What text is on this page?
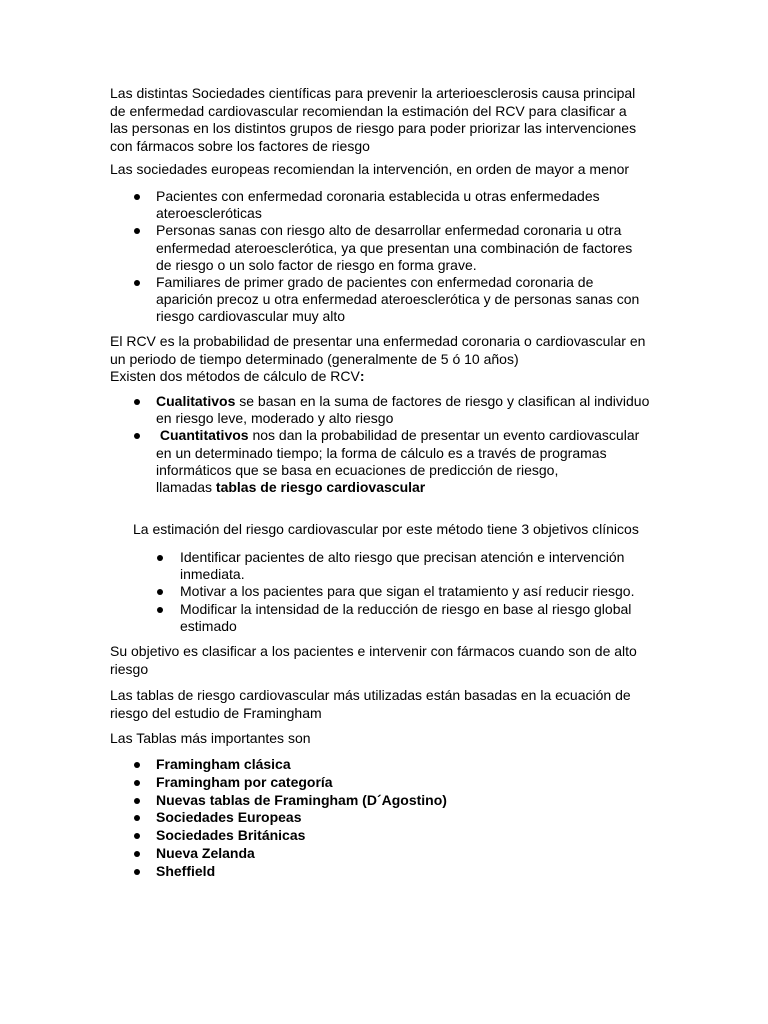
Las distintas Sociedades científicas para prevenir la arterioesclerosis causa principal
de enfermedad cardiovascular recomiendan la estimación del RCV para clasificar a
las personas en los distintos grupos de riesgo para poder priorizar las intervenciones
con fármacos sobre los factores de riesgo

Las sociedades europeas recomiendan la intervención, en orden de mayor a menor

Pacientes con enfermedad coronaria establecida u otras enfermedades
ateroescleróticas
Personas sanas con riesgo alto de desarrollar enfermedad coronaria u otra
enfermedad ateroesclerótica, ya que presentan una combinación de factores
de riesgo o un solo factor de riesgo en forma grave.
Familiares de primer grado de pacientes con enfermedad coronaria de
aparición precoz u otra enfermedad ateroesclerótica y de personas sanas con
riesgo cardiovascular muy alto

El RCV es la probabilidad de presentar una enfermedad coronaria o cardiovascular en
un periodo de tiempo determinado (generalmente de 5 ó 10 años)
Existen dos métodos de cálculo de RCV:

Cualitativos se basan en la suma de factores de riesgo y clasifican al individuo
en riesgo leve, moderado y alto riesgo
Cuantitativos nos dan la probabilidad de presentar un evento cardiovascular
en un determinado tiempo; la forma de cálculo es a través de programas
informáticos que se basa en ecuaciones de predicción de riesgo,
llamadas tablas de riesgo cardiovascular

La estimación del riesgo cardiovascular por este método tiene 3 objetivos clínicos

Identificar pacientes de alto riesgo que precisan atención e intervención
inmediata.
Motivar a los pacientes para que sigan el tratamiento y así reducir riesgo.
Modificar la intensidad de la reducción de riesgo en base al riesgo global
estimado

Su objetivo es clasificar a los pacientes e intervenir con fármacos cuando son de alto
riesgo

Las tablas de riesgo cardiovascular más utilizadas están basadas en la ecuación de
riesgo del estudio de Framingham

Las Tablas más importantes son

Framingham clásica
Framingham por categoría
Nuevas tablas de Framingham (D´Agostino)
Sociedades Europeas
Sociedades Británicas
Nueva Zelanda
Sheffield
